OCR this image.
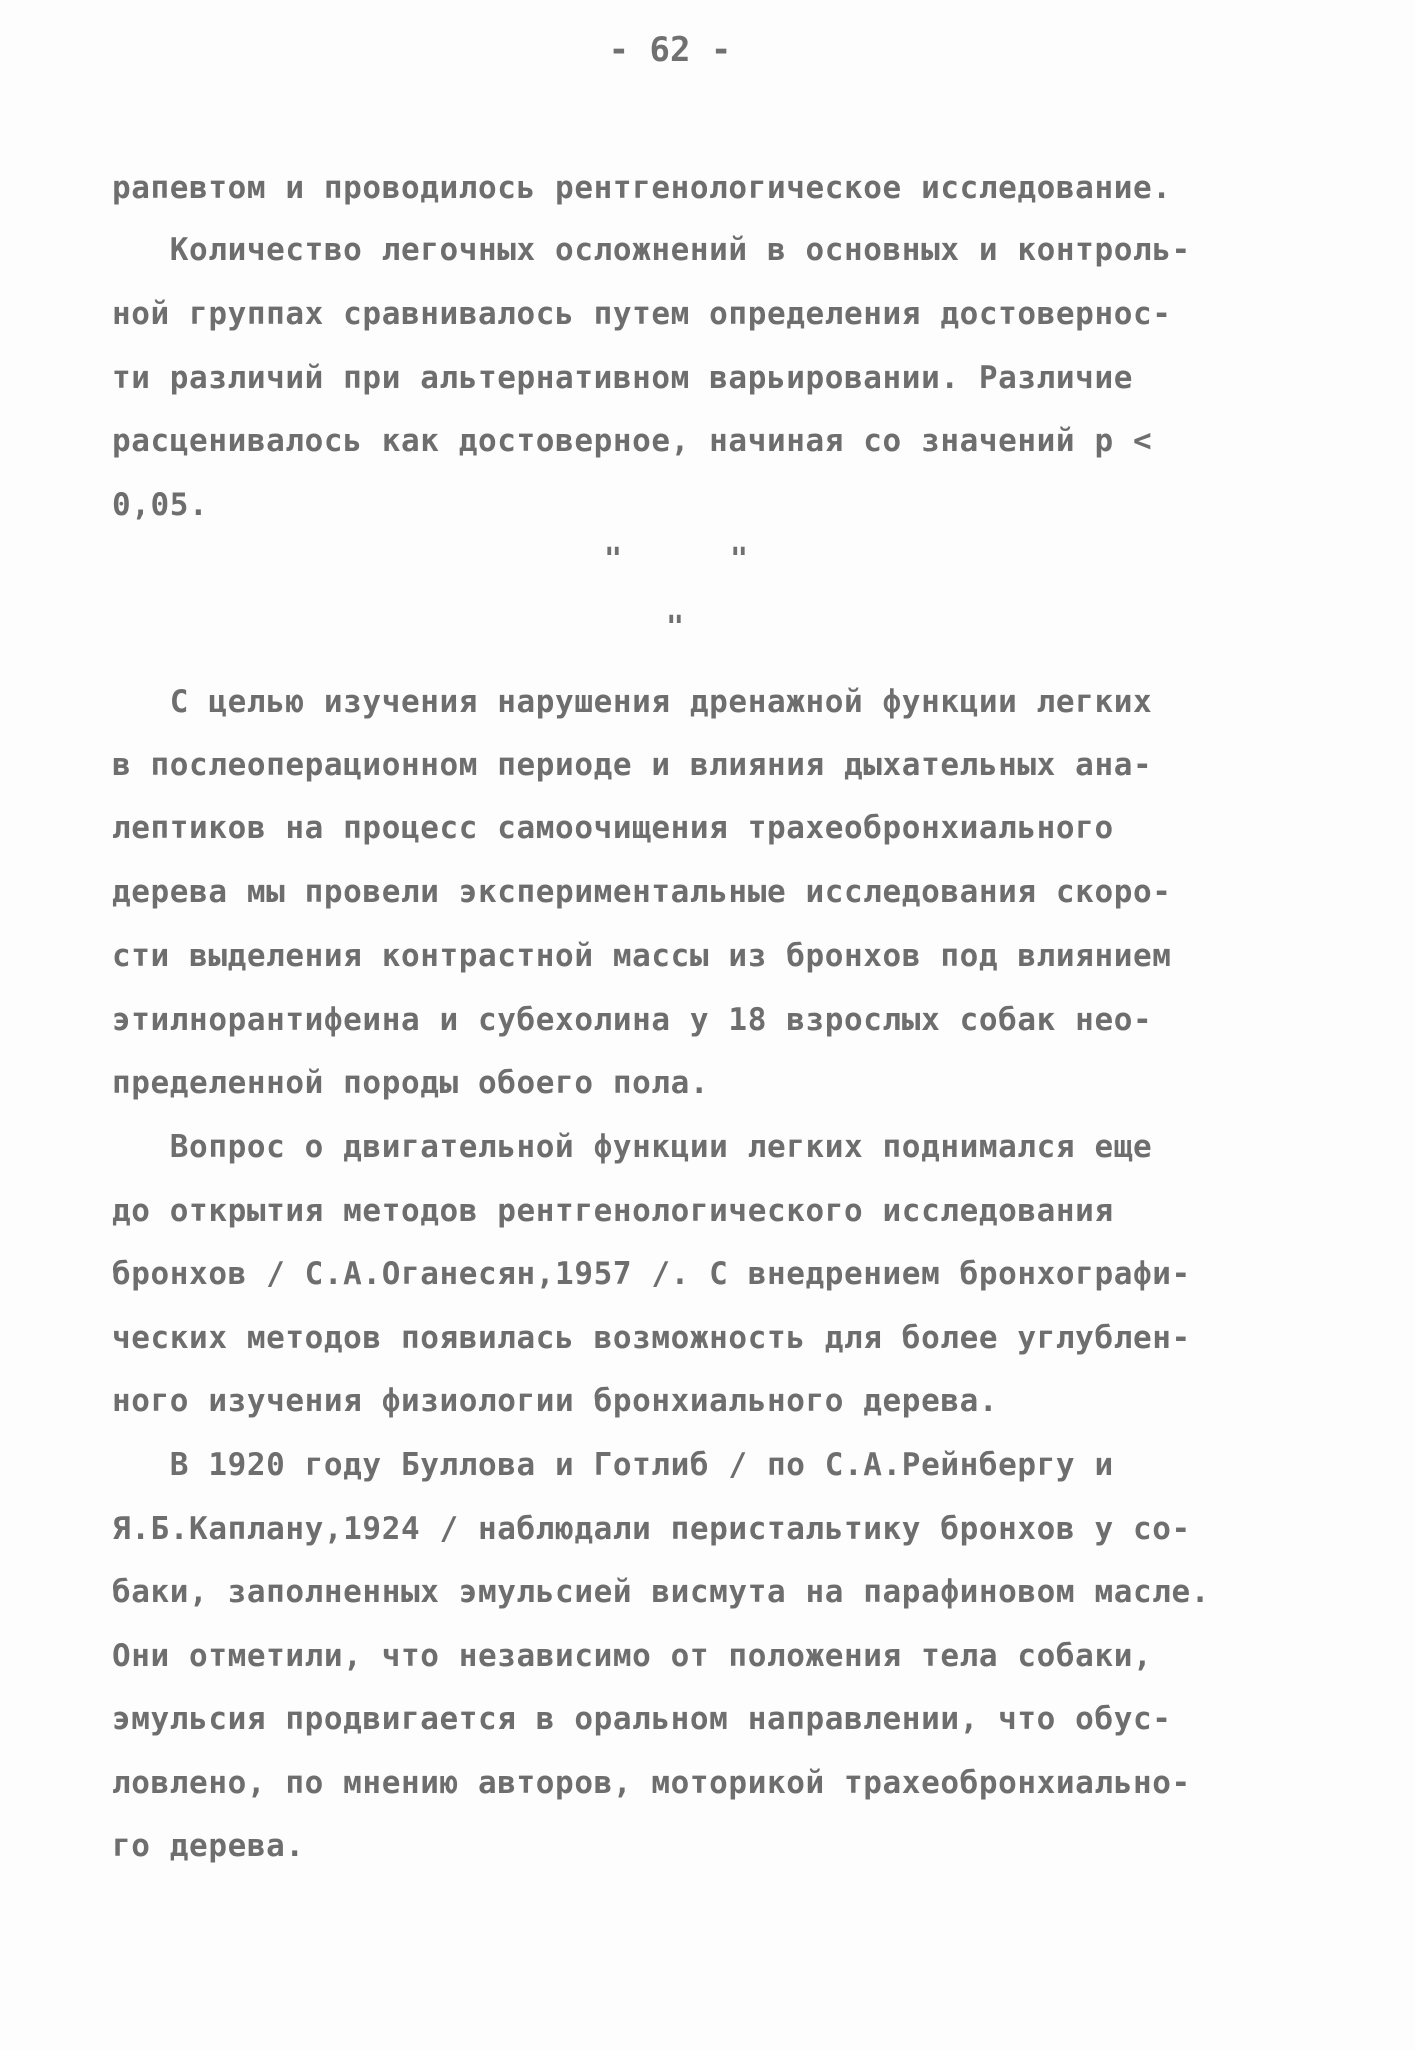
- 62 -
рапевтом и проводилось рентгенологическое исследование.
Количество легочных осложнений в основных и контроль-
ной группах сравнивалось путем определения достовернос-
ти различий при альтернативном варьировании. Различие
расценивалось как достоверное, начиная со значений р <
0,05.
"	"
"
С целью изучения нарушения дренажной функции легких
в послеоперационном периоде и влияния дыхательных ана-
лептиков на процесс самоочищения трахеобронхиального
дерева мы провели экспериментальные исследования скоро-
сти выделения контрастной массы из бронхов под влиянием
этилнорантифеина и субехолина у 18 взрослых собак нео-
пределенной породы обоего пола.
Вопрос о двигательной функции легких поднимался еще
до открытия методов рентгенологического исследования
бронхов / С.А.Оганесян,1957 /. С внедрением бронхографи-
ческих методов появилась возможность для более углублен-
ного изучения физиологии бронхиального дерева.
В 1920 году Буллова и Готлиб / по С.А.Рейнбергу и
Я.Б.Каплану,1924 / наблюдали перистальтику бронхов у со-
баки, заполненных эмульсией висмута на парафиновом масле.
Они отметили, что независимо от положения тела собаки,
эмульсия продвигается в оральном направлении, что обус-
ловлено, по мнению авторов, моторикой трахеобронхиально-
го дерева.
